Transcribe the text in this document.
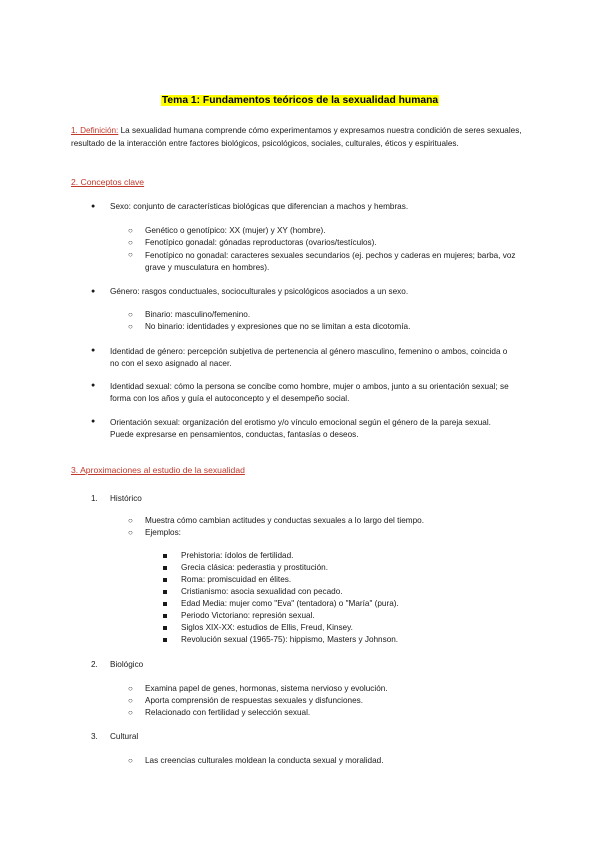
Tema 1: Fundamentos teóricos de la sexualidad humana
1. Definición: La sexualidad humana comprende cómo experimentamos y expresamos nuestra condición de seres sexuales, resultado de la interacción entre factores biológicos, psicológicos, sociales, culturales, éticos y espirituales.
2. Conceptos clave
● Sexo: conjunto de características biológicas que diferencian a machos y hembras.
○ Genético o genotípico: XX (mujer) y XY (hombre).
○ Fenotípico gonadal: gónadas reproductoras (ovarios/testículos).
○ Fenotípico no gonadal: caracteres sexuales secundarios (ej. pechos y caderas en mujeres; barba, voz grave y musculatura en hombres).
● Género: rasgos conductuales, socioculturales y psicológicos asociados a un sexo.
○ Binario: masculino/femenino.
○ No binario: identidades y expresiones que no se limitan a esta dicotomía.
● Identidad de género: percepción subjetiva de pertenencia al género masculino, femenino o ambos, coincida o no con el sexo asignado al nacer.
● Identidad sexual: cómo la persona se concibe como hombre, mujer o ambos, junto a su orientación sexual; se forma con los años y guía el autoconcepto y el desempeño social.
● Orientación sexual: organización del erotismo y/o vínculo emocional según el género de la pareja sexual. Puede expresarse en pensamientos, conductas, fantasías o deseos.
3. Aproximaciones al estudio de la sexualidad
1. Histórico
○ Muestra cómo cambian actitudes y conductas sexuales a lo largo del tiempo.
○ Ejemplos:
Prehistoria: ídolos de fertilidad.
Grecia clásica: pederastia y prostitución.
Roma: promiscuidad en élites.
Cristianismo: asocia sexualidad con pecado.
Edad Media: mujer como "Eva" (tentadora) o "María" (pura).
Periodo Victoriano: represión sexual.
Siglos XIX-XX: estudios de Ellis, Freud, Kinsey.
Revolución sexual (1965-75): hippismo, Masters y Johnson.
2. Biológico
○ Examina papel de genes, hormonas, sistema nervioso y evolución.
○ Aporta comprensión de respuestas sexuales y disfunciones.
○ Relacionado con fertilidad y selección sexual.
3. Cultural
○ Las creencias culturales moldean la conducta sexual y moralidad.
